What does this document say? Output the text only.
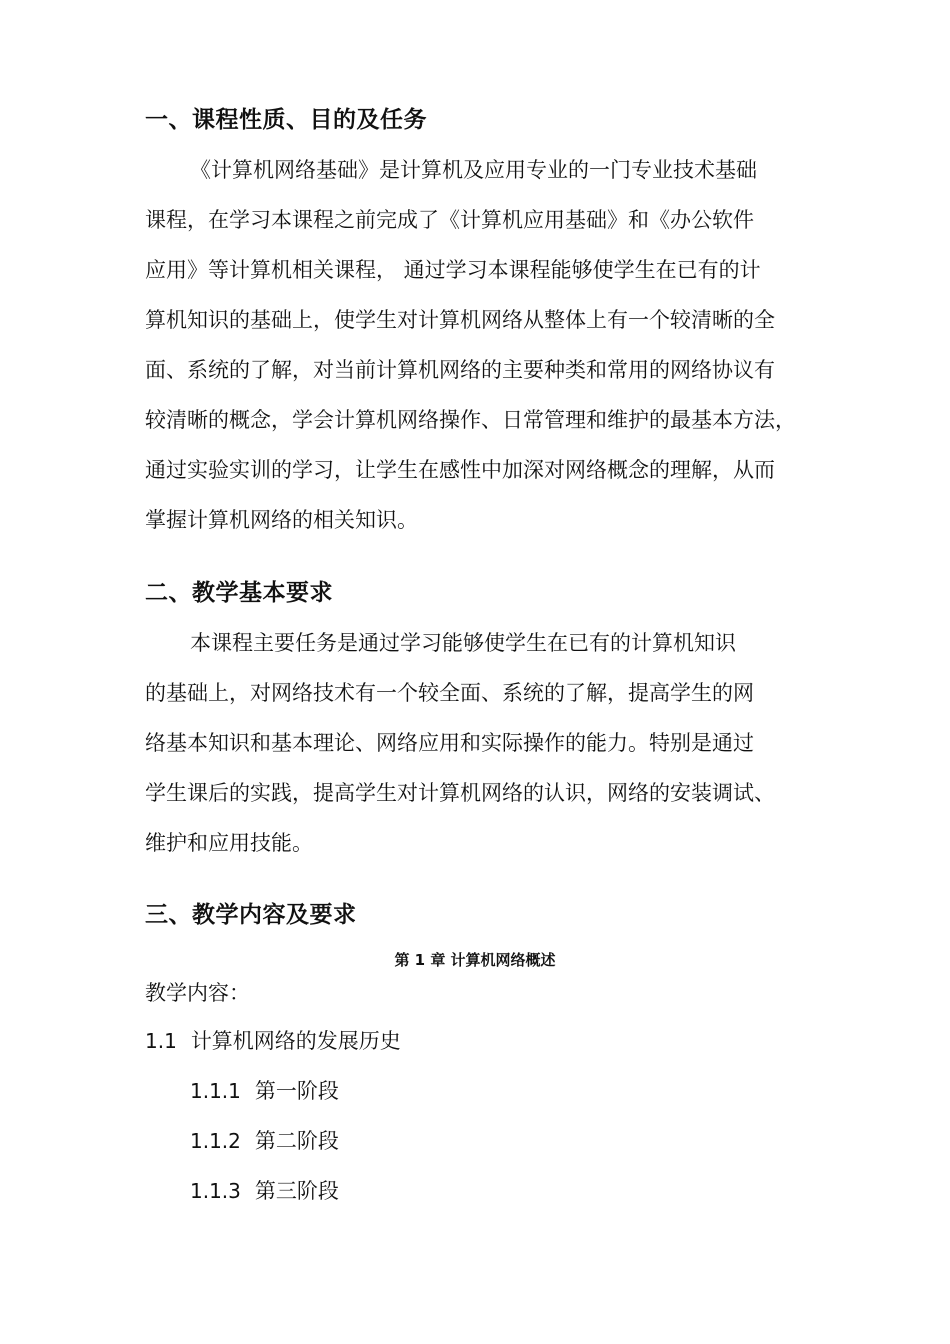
一、课程性质、目的及任务
《计算机网络基础》是计算机及应用专业的一门专业技术基础
课程，在学习本课程之前完成了《计算机应用基础》和《办公软件
应用》等计算机相关课程， 通过学习本课程能够使学生在已有的计
算机知识的基础上，使学生对计算机网络从整体上有一个较清晰的全
面、系统的了解，对当前计算机网络的主要种类和常用的网络协议有
较清晰的概念，学会计算机网络操作、日常管理和维护的最基本方法，
通过实验实训的学习，让学生在感性中加深对网络概念的理解，从而
掌握计算机网络的相关知识。
二、教学基本要求
本课程主要任务是通过学习能够使学生在已有的计算机知识
的基础上，对网络技术有一个较全面、系统的了解，提高学生的网
络基本知识和基本理论、网络应用和实际操作的能力。特别是通过
学生课后的实践，提高学生对计算机网络的认识，网络的安装调试、
维护和应用技能。
三、教学内容及要求
第 1 章 计算机网络概述
教学内容：
1.1 计算机网络的发展历史
1.1.1 第一阶段
1.1.2 第二阶段
1.1.3 第三阶段
